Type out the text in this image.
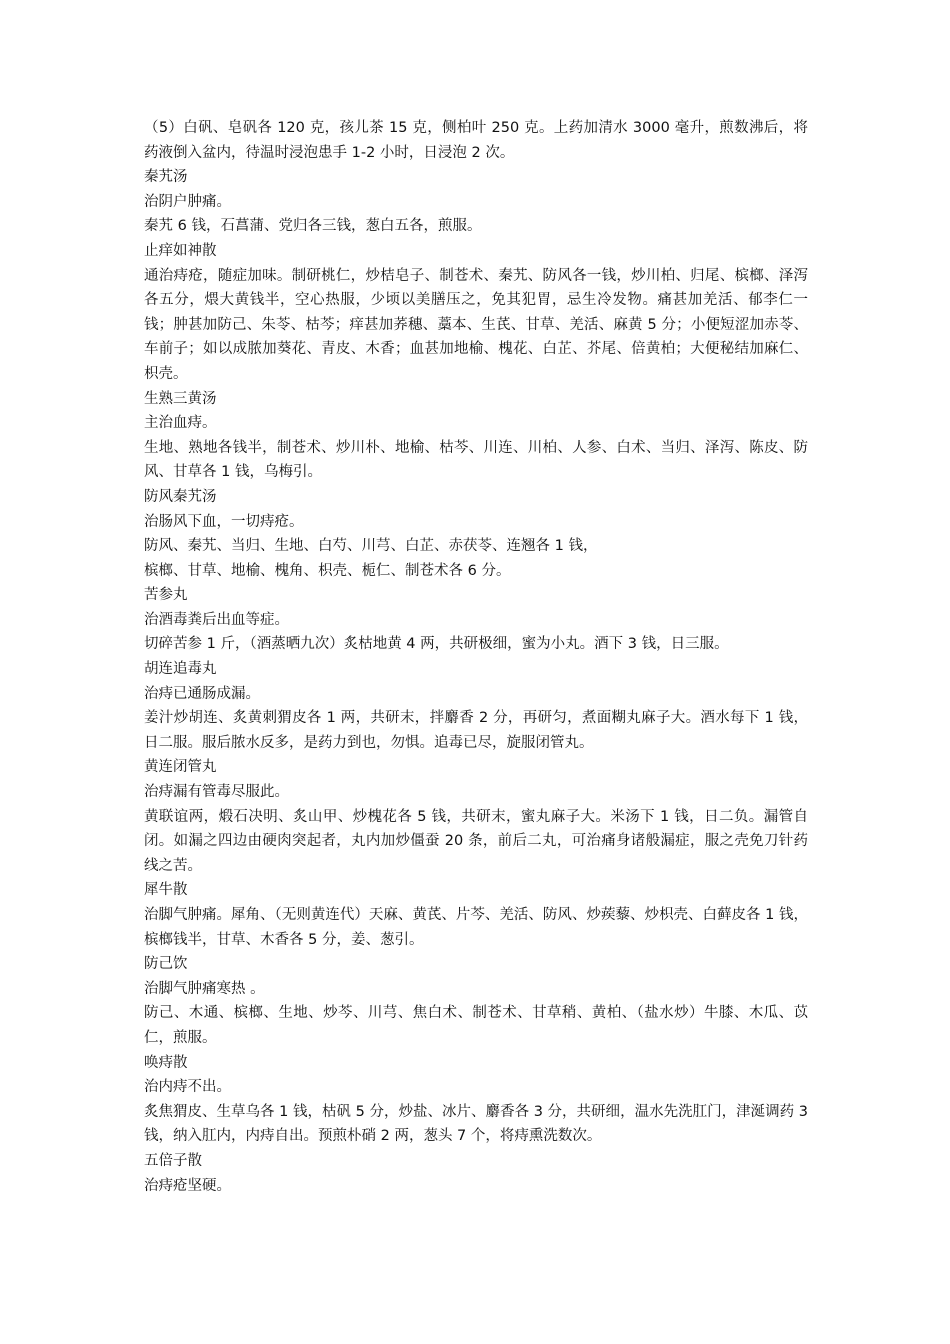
（5）白矾、皂矾各 120 克，孩儿茶 15 克，侧柏叶 250 克。上药加清水 3000 毫升，煎数沸后，将药液倒入盆内，待温时浸泡患手 1-2 小时，日浸泡 2 次。

秦艽汤

治阴户肿痛。

秦艽 6 钱，石菖蒲、党归各三钱，葱白五各，煎服。

止痒如神散

通治痔疮，随症加味。制研桃仁，炒桔皂子、制苍术、秦艽、防风各一钱，炒川柏、归尾、槟榔、泽泻各五分，煨大黄钱半，空心热服，少顷以美膳压之，免其犯胃，忌生冷发物。痛甚加羌活、郁李仁一钱；肿甚加防己、朱苓、枯芩；痒甚加荞穗、藁本、生芪、甘草、羌活、麻黄 5 分；小便短涩加赤苓、车前子；如以成脓加葵花、青皮、木香；血甚加地榆、槐花、白芷、芥尾、倍黄柏；大便秘结加麻仁、枳壳。

生熟三黄汤

主治血痔。

生地、熟地各钱半，制苍术、炒川朴、地榆、枯芩、川连、川柏、人参、白术、当归、泽泻、陈皮、防风、甘草各 1 钱，乌梅引。

防风秦艽汤

治肠风下血，一切痔疮。

防风、秦艽、当归、生地、白芍、川芎、白芷、赤茯苓、连翘各 1 钱，

槟榔、甘草、地榆、槐角、枳壳、栀仁、制苍术各 6 分。

苦参丸

治酒毒粪后出血等症。

切碎苦参 1 斤，（酒蒸晒九次）炙枯地黄 4 两，共研极细，蜜为小丸。酒下 3 钱，日三服。

胡连追毒丸

治痔已通肠成漏。

姜汁炒胡连、炙黄刺猬皮各 1 两，共研末，拌麝香 2 分，再研匀，煮面糊丸麻子大。酒水每下 1 钱，日二服。服后脓水反多，是药力到也，勿惧。追毒已尽，旋服闭管丸。

黄连闭管丸

治痔漏有管毒尽服此。

黄联谊两，煅石决明、炙山甲、炒槐花各 5 钱，共研末，蜜丸麻子大。米汤下 1 钱，日二负。漏管自闭。如漏之四边由硬肉突起者，丸内加炒僵蚕 20 条，前后二丸，可治痛身诸般漏症，服之壳免刀针药线之苦。

犀牛散

治脚气肿痛。犀角、（无则黄连代）天麻、黄芪、片芩、羌活、防风、炒蒺藜、炒枳壳、白藓皮各 1 钱，槟榔钱半，甘草、木香各 5 分，姜、葱引。

防己饮

治脚气肿痛寒热 。

防己、木通、槟榔、生地、炒芩、川芎、焦白术、制苍术、甘草稍、黄柏、（盐水炒）牛膝、木瓜、苡仁，煎服。

唤痔散

治内痔不出。

炙焦猬皮、生草乌各 1 钱，枯矾 5 分，炒盐、冰片、麝香各 3 分，共研细，温水先洗肛门，津涎调药 3 钱，纳入肛内，内痔自出。预煎朴硝 2 两，葱头 7 个，将痔熏洗数次。

五倍子散

治痔疮坚硬。
